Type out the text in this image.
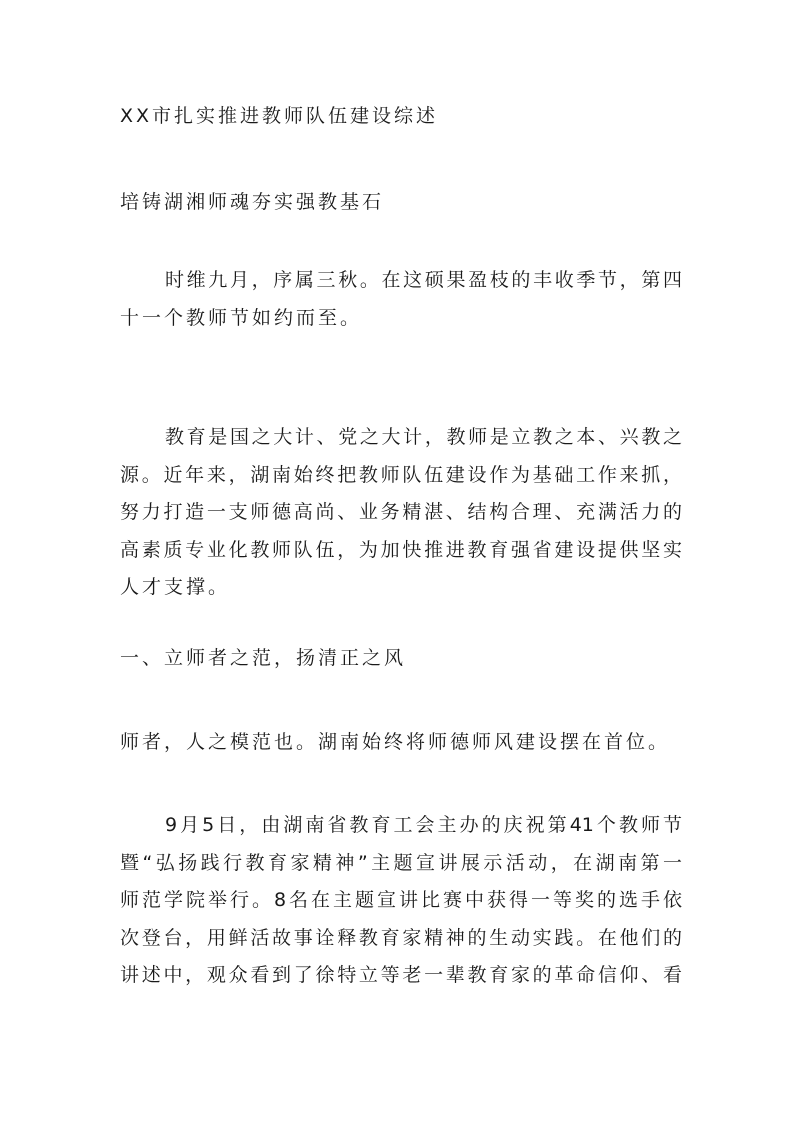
XX市扎实推进教师队伍建设综述
培铸湖湘师魂夯实强教基石
时维九月，序属三秋。在这硕果盈枝的丰收季节，第四
十一个教师节如约而至。
教育是国之大计、党之大计，教师是立教之本、兴教之
源。近年来，湖南始终把教师队伍建设作为基础工作来抓，
努力打造一支师德高尚、业务精湛、结构合理、充满活力的
高素质专业化教师队伍，为加快推进教育强省建设提供坚实
人才支撑。
一、立师者之范，扬清正之风
师者，人之模范也。湖南始终将师德师风建设摆在首位。
9月5日，由湖南省教育工会主办的庆祝第41个教师节
暨“弘扬践行教育家精神”主题宣讲展示活动，在湖南第一
师范学院举行。8名在主题宣讲比赛中获得一等奖的选手依
次登台，用鲜活故事诠释教育家精神的生动实践。在他们的
讲述中，观众看到了徐特立等老一辈教育家的革命信仰、看
